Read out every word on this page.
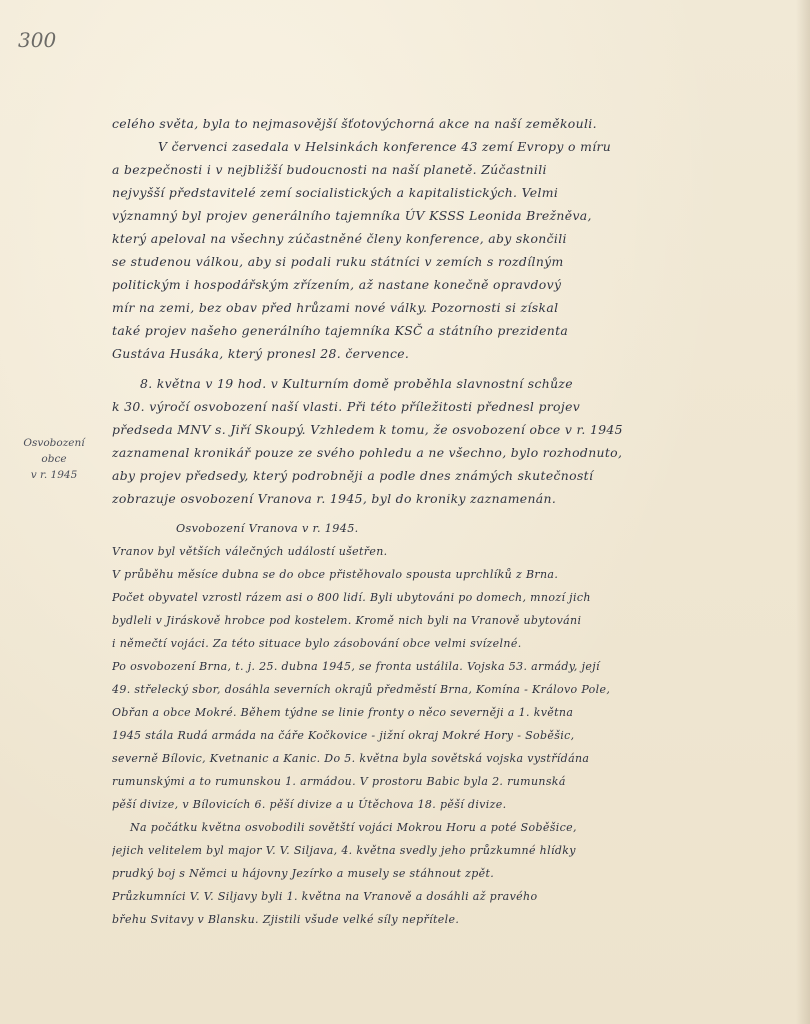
300
Osvobození
obce
v r. 1945
celého světa, byla to nejmasovější šťotovýchorná akce na naší zeměkouli.
V červenci zasedala v Helsinkách konference 43 zemí Evropy o míru
a bezpečnosti i v nejbližší budoucnosti na naší planetě. Zúčastnili
nejvyšší představitelé zemí socialistických a kapitalistických. Velmi
významný byl projev generálního tajemníka ÚV KSSS Leonida Brežněva,
který apeloval na všechny zúčastněné členy konference, aby skončili
se studenou válkou, aby si podali ruku státníci v zemích s rozdílným
politickým i hospodářským zřízením, až nastane konečně opravdový
mír na zemi, bez obav před hrůzami nové války. Pozornosti si získal
také projev našeho generálního tajemníka KSČ a státního prezidenta
Gustáva Husáka, který pronesl 28. července.
8. května v 19 hod. v Kulturním domě proběhla slavnostní schůze
k 30. výročí osvobození naší vlasti. Při této příležitosti přednesl projev
předseda MNV s. Jiří Skoupý. Vzhledem k tomu, že osvobození obce v r. 1945
zaznamenal kronikář pouze ze svého pohledu a ne všechno, bylo rozhodnuto,
aby projev předsedy, který podrobněji a podle dnes známých skutečností
zobrazuje osvobození Vranova r. 1945, byl do kroniky zaznamenán.
Osvobození Vranova v r. 1945.
Vranov byl větších válečných událostí ušetřen.
V průběhu měsíce dubna se do obce přistěhovalo spousta uprchlíků z Brna.
Počet obyvatel vzrostl rázem asi o 800 lidí. Byli ubytováni po domech, mnozí jich
bydleli v Jiráskově hrobce pod kostelem. Kromě nich byli na Vranově ubytováni
i němečtí vojáci. Za této situace bylo zásobování obce velmi svízelné.
Po osvobození Brna, t. j. 25. dubna 1945, se fronta ustálila. Vojska 53. armády, její
49. střelecký sbor, dosáhla severních okrajů předměstí Brna, Komína - Královo Pole,
Obřan a obce Mokré. Během týdne se linie fronty o něco severněji a 1. května
1945 stála Rudá armáda na čáře Kočkovice - jižní okraj Mokré Hory - Soběšic,
severně Bílovic, Kvetnanic a Kanic. Do 5. května byla sovětská vojska vystřídána
rumunskými a to rumunskou 1. armádou. V prostoru Babic byla 2. rumunská
pěší divize, v Bílovicích 6. pěší divize a u Útěchova 18. pěší divize.
Na počátku května osvobodili sovětští vojáci Mokrou Horu a poté Soběšice,
jejich velitelem byl major V. V. Siljava, 4. května svedly jeho průzkumné hlídky
prudký boj s Němci u hájovny Jezírko a musely se stáhnout zpět.
Průzkumníci V. V. Siljavy byli 1. května na Vranově a dosáhli až pravého
břehu Svitavy v Blansku. Zjistili všude velké síly nepřítele.
